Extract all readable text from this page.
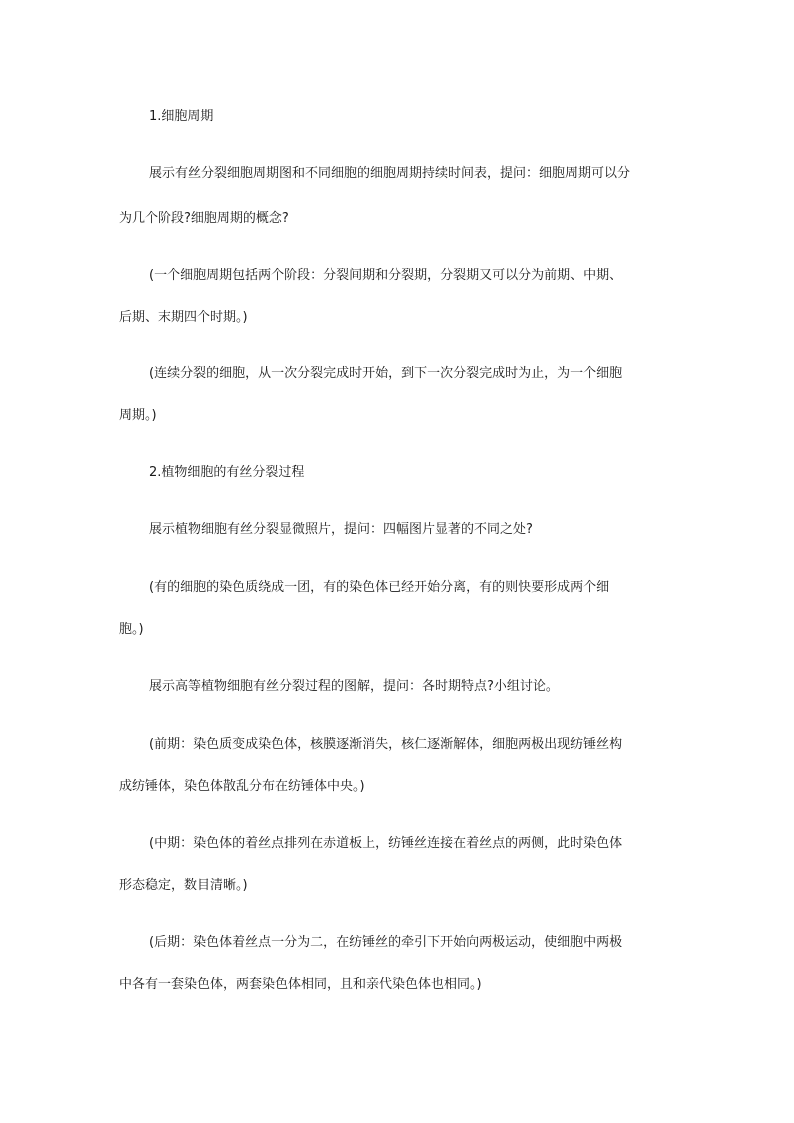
1.细胞周期
展示有丝分裂细胞周期图和不同细胞的细胞周期持续时间表，提问：细胞周期可以分
为几个阶段?细胞周期的概念?
(一个细胞周期包括两个阶段：分裂间期和分裂期，分裂期又可以分为前期、中期、
后期、末期四个时期。)
(连续分裂的细胞，从一次分裂完成时开始，到下一次分裂完成时为止，为一个细胞
周期。)
2.植物细胞的有丝分裂过程
展示植物细胞有丝分裂显微照片，提问：四幅图片显著的不同之处?
(有的细胞的染色质绕成一团，有的染色体已经开始分离，有的则快要形成两个细
胞。)
展示高等植物细胞有丝分裂过程的图解，提问：各时期特点?小组讨论。
(前期：染色质变成染色体，核膜逐渐消失，核仁逐渐解体，细胞两极出现纺锤丝构
成纺锤体，染色体散乱分布在纺锤体中央。)
(中期：染色体的着丝点排列在赤道板上，纺锤丝连接在着丝点的两侧，此时染色体
形态稳定，数目清晰。)
(后期：染色体着丝点一分为二，在纺锤丝的牵引下开始向两极运动，使细胞中两极
中各有一套染色体，两套染色体相同，且和亲代染色体也相同。)
